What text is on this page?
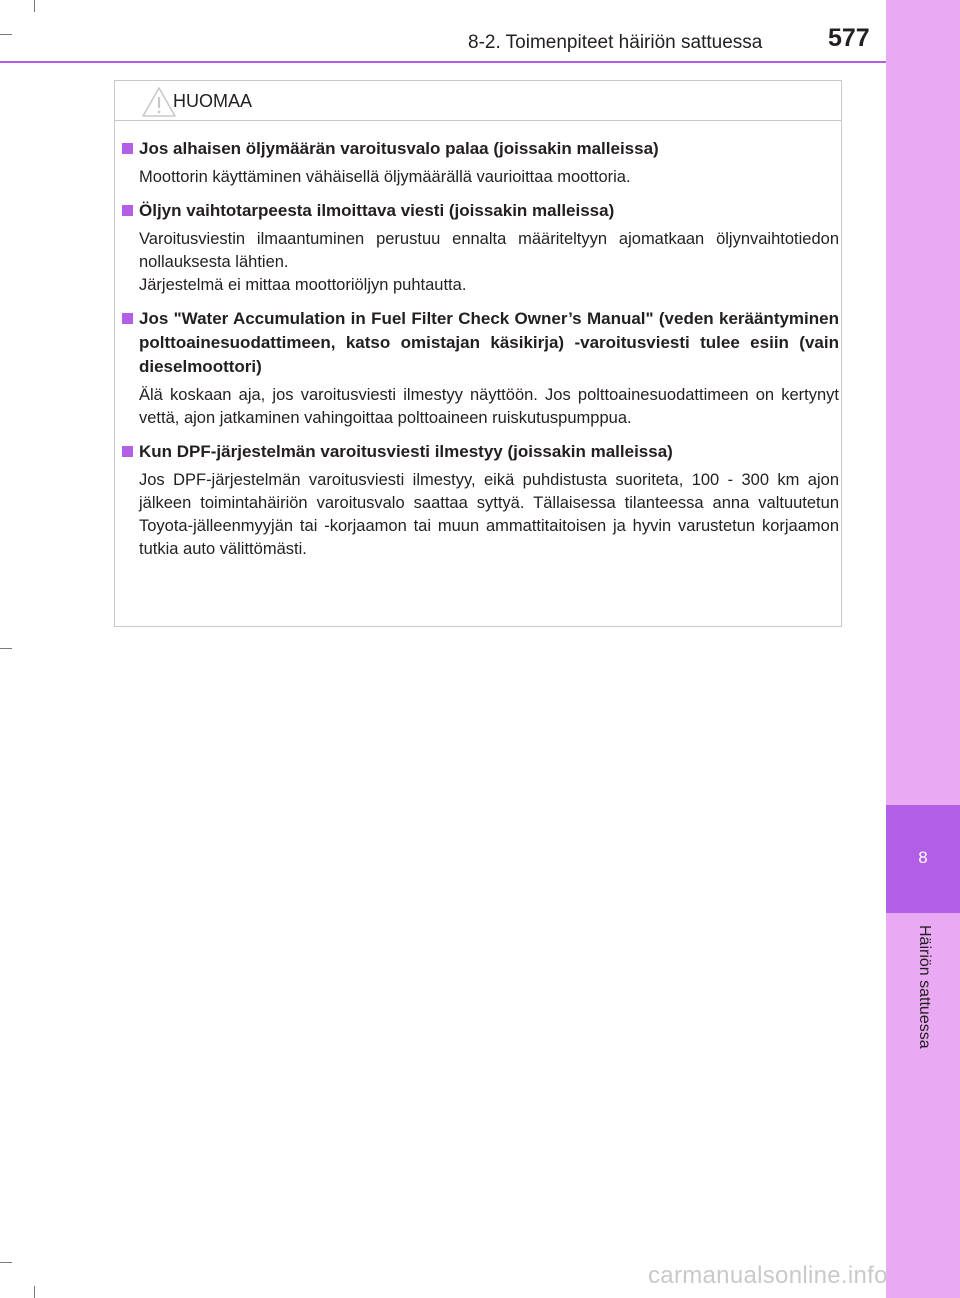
8
Häiriön sattuessa
8-2. Toimenpiteet häiriön sattuessa	577
HUOMAA
Jos alhaisen öljymäärän varoitusvalo palaa (joissakin malleissa)
Moottorin käyttäminen vähäisellä öljymäärällä vaurioittaa moottoria.
Öljyn vaihtotarpeesta ilmoittava viesti (joissakin malleissa)
Varoitusviestin ilmaantuminen perustuu ennalta määriteltyyn ajomatkaan öljynvaihtotiedon nollauksesta lähtien.
Järjestelmä ei mittaa moottoriöljyn puhtautta.
Jos "Water Accumulation in Fuel Filter Check Owner’s Manual" (veden kerääntyminen polttoainesuodattimeen, katso omistajan käsikirja) -varoitusviesti tulee esiin (vain dieselmoottori)
Älä koskaan aja, jos varoitusviesti ilmestyy näyttöön. Jos polttoainesuodattimeen on kertynyt vettä, ajon jatkaminen vahingoittaa polttoaineen ruiskutuspumppua.
Kun DPF-järjestelmän varoitusviesti ilmestyy (joissakin malleissa)
Jos DPF-järjestelmän varoitusviesti ilmestyy, eikä puhdistusta suoriteta, 100 - 300 km ajon jälkeen toimintahäiriön varoitusvalo saattaa syttyä. Tällaisessa tilanteessa anna valtuutetun Toyota-jälleenmyyjän tai -korjaamon tai muun ammattitaitoisen ja hyvin varustetun korjaamon tutkia auto välittömästi.
carmanualsonline.info
